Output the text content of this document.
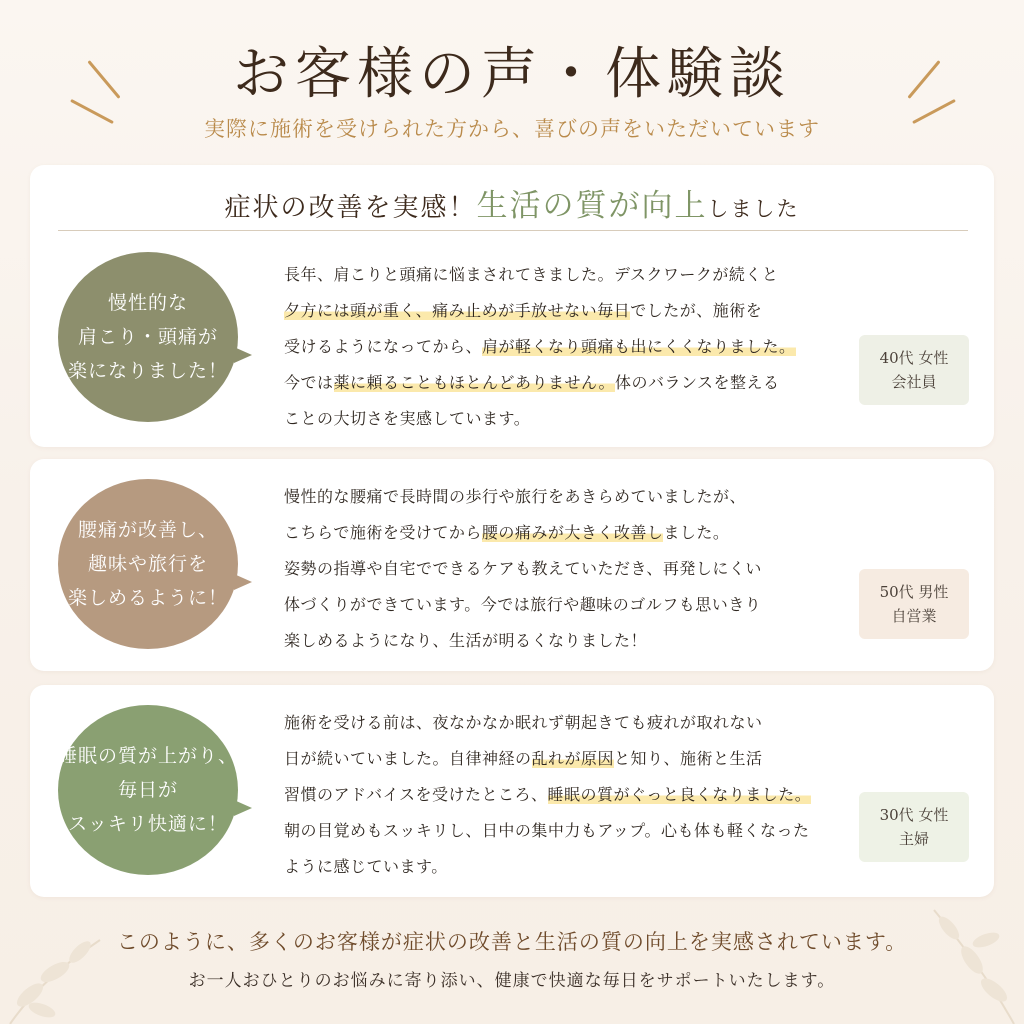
お客様の声・体験談
実際に施術を受けられた方から、喜びの声をいただいています
症状の改善を実感！生活の質が向上しました
慢性的な
肩こり・頭痛が
楽になりました！
長年、肩こりと頭痛に悩まされてきました。デスクワークが続くと
夕方には頭が重く、痛み止めが手放せない毎日でしたが、施術を
受けるようになってから、肩が軽くなり頭痛も出にくくなりました。
今では薬に頼ることもほとんどありません。体のバランスを整える
ことの大切さを実感しています。
40代 女性
会社員
腰痛が改善し、
趣味や旅行を
楽しめるように！
慢性的な腰痛で長時間の歩行や旅行をあきらめていましたが、
こちらで施術を受けてから腰の痛みが大きく改善しました。
姿勢の指導や自宅でできるケアも教えていただき、再発しにくい
体づくりができています。今では旅行や趣味のゴルフも思いきり
楽しめるようになり、生活が明るくなりました！
50代 男性
自営業
睡眠の質が上がり、
毎日が
スッキリ快適に！
施術を受ける前は、夜なかなか眠れず朝起きても疲れが取れない
日が続いていました。自律神経の乱れが原因と知り、施術と生活
習慣のアドバイスを受けたところ、睡眠の質がぐっと良くなりました。
朝の目覚めもスッキリし、日中の集中力もアップ。心も体も軽くなった
ように感じています。
30代 女性
主婦
このように、多くのお客様が症状の改善と生活の質の向上を実感されています。
お一人おひとりのお悩みに寄り添い、健康で快適な毎日をサポートいたします。
